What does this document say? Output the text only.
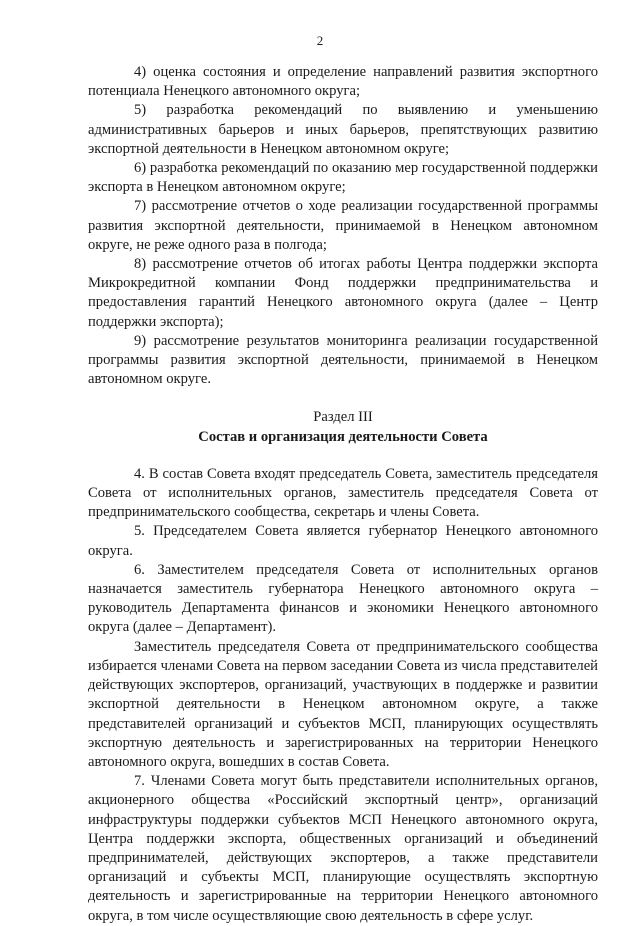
2

4) оценка состояния и определение направлений развития экспортного потенциала Ненецкого автономного округа;

5) разработка рекомендаций по выявлению и уменьшению административных барьеров и иных барьеров, препятствующих развитию экспортной деятельности в Ненецком автономном округе;

6) разработка рекомендаций по оказанию мер государственной поддержки экспорта в Ненецком автономном округе;

7) рассмотрение отчетов о ходе реализации государственной программы развития экспортной деятельности, принимаемой в Ненецком автономном округе, не реже одного раза в полгода;

8) рассмотрение отчетов об итогах работы Центра поддержки экспорта Микрокредитной компании Фонд поддержки предпринимательства и предоставления гарантий Ненецкого автономного округа (далее – Центр поддержки экспорта);

9) рассмотрение результатов мониторинга реализации государственной программы развития экспортной деятельности, принимаемой в Ненецком автономном округе.

Раздел III

Состав и организация деятельности Совета

4. В состав Совета входят председатель Совета, заместитель председателя Совета от исполнительных органов, заместитель председателя Совета от предпринимательского сообщества, секретарь и члены Совета.

5. Председателем Совета является губернатор Ненецкого автономного округа.

6. Заместителем председателя Совета от исполнительных органов назначается заместитель губернатора Ненецкого автономного округа – руководитель Департамента финансов и экономики Ненецкого автономного округа (далее – Департамент).

Заместитель председателя Совета от предпринимательского сообщества избирается членами Совета на первом заседании Совета из числа представителей действующих экспортеров, организаций, участвующих в поддержке и развитии экспортной деятельности в Ненецком автономном округе, а также представителей организаций и субъектов МСП, планирующих осуществлять экспортную деятельность и зарегистрированных на территории Ненецкого автономного округа, вошедших в состав Совета.

7. Членами Совета могут быть представители исполнительных органов, акционерного общества «Российский экспортный центр», организаций инфраструктуры поддержки субъектов МСП Ненецкого автономного округа, Центра поддержки экспорта, общественных организаций и объединений предпринимателей, действующих экспортеров, а также представители организаций и субъекты МСП, планирующие осуществлять экспортную деятельность и зарегистрированные на территории Ненецкого автономного округа, в том числе осуществляющие свою деятельность в сфере услуг.
